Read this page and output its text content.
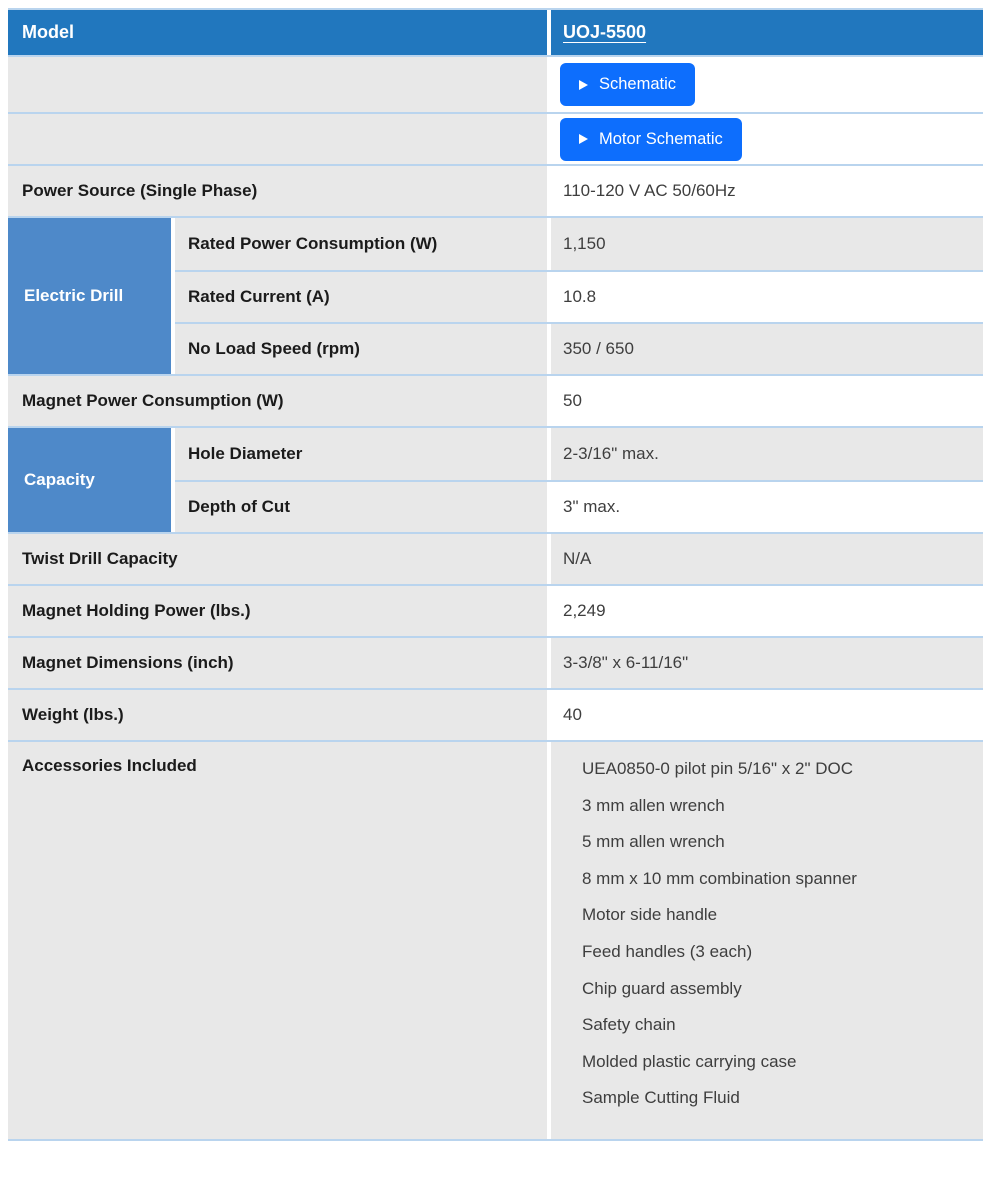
Model	UOJ-5500
Schematic
Motor Schematic
Power Source (Single Phase)	110-120 V AC 50/60Hz
Electric Drill
Rated Power Consumption (W)	1,150
Rated Current (A)	10.8
No Load Speed (rpm)	350 / 650
Magnet Power Consumption (W)	50
Capacity
Hole Diameter	2-3/16" max.
Depth of Cut	3" max.
Twist Drill Capacity	N/A
Magnet Holding Power (lbs.)	2,249
Magnet Dimensions (inch)	3-3/8" x 6-11/16"
Weight (lbs.)	40
Accessories Included	UEA0850-0 pilot pin 5/16" x 2" DOC
3 mm allen wrench
5 mm allen wrench
8 mm x 10 mm combination spanner
Motor side handle
Feed handles (3 each)
Chip guard assembly
Safety chain
Molded plastic carrying case
Sample Cutting Fluid
